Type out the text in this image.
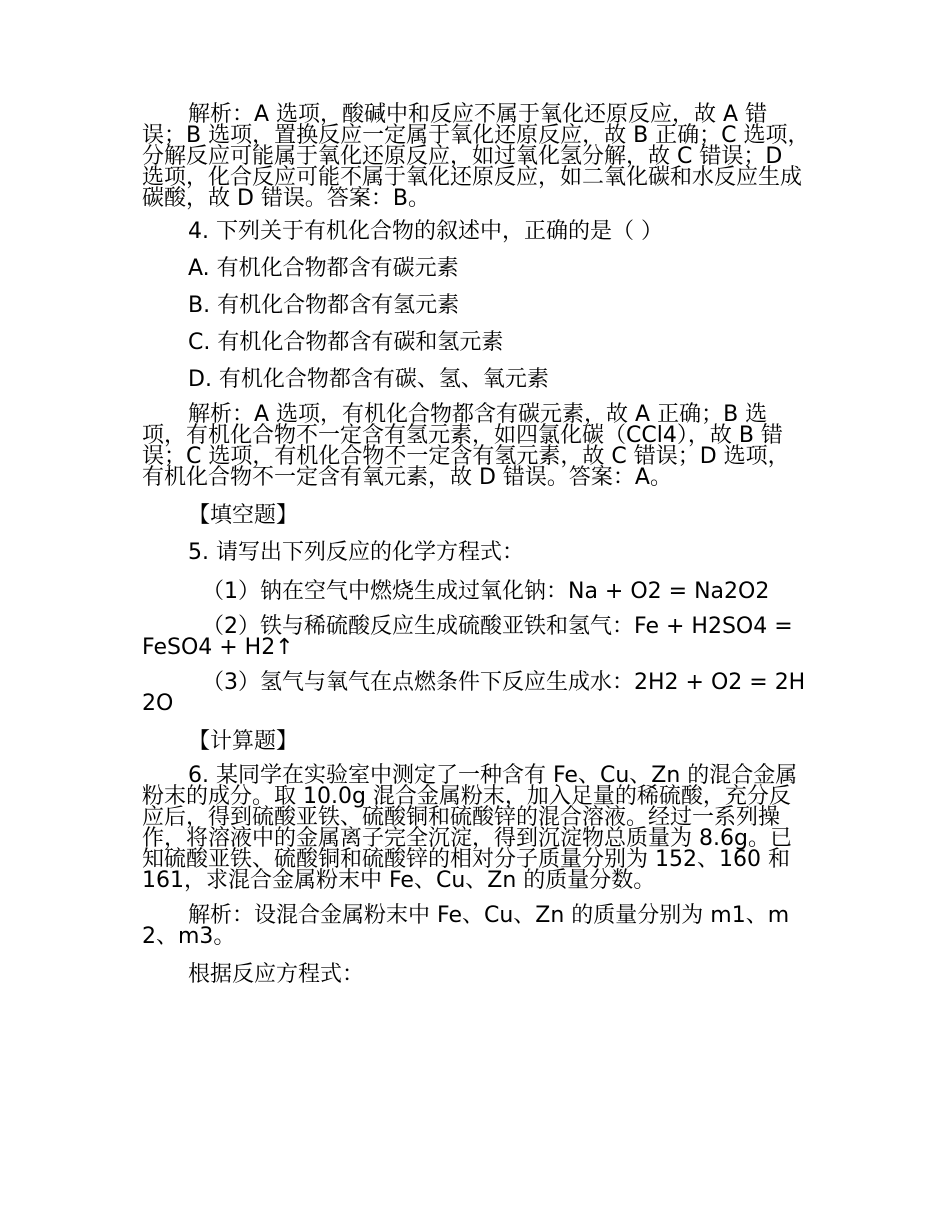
解析：A 选项，酸碱中和反应不属于氧化还原反应，故 A 错误；B 选项，置换反应一定属于氧化还原反应，故 B 正确；C 选项，分解反应可能属于氧化还原反应，如过氧化氢分解，故 C 错误；D 选项，化合反应可能不属于氧化还原反应，如二氧化碳和水反应生成碳酸，故 D 错误。答案：B。

4. 下列关于有机化合物的叙述中，正确的是（ ）

A. 有机化合物都含有碳元素

B. 有机化合物都含有氢元素

C. 有机化合物都含有碳和氢元素

D. 有机化合物都含有碳、氢、氧元素

解析：A 选项，有机化合物都含有碳元素，故 A 正确；B 选项，有机化合物不一定含有氢元素，如四氯化碳（CCl4），故 B 错误；C 选项，有机化合物不一定含有氢元素，故 C 错误；D 选项，有机化合物不一定含有氧元素，故 D 错误。答案：A。

【填空题】

5. 请写出下列反应的化学方程式：

（1）钠在空气中燃烧生成过氧化钠：Na + O2 = Na2O2

（2）铁与稀硫酸反应生成硫酸亚铁和氢气：Fe + H2SO4 = FeSO4 + H2↑

（3）氢气与氧气在点燃条件下反应生成水：2H2 + O2 = 2H2O

【计算题】

6. 某同学在实验室中测定了一种含有 Fe、Cu、Zn 的混合金属粉末的成分。取 10.0g 混合金属粉末，加入足量的稀硫酸，充分反应后，得到硫酸亚铁、硫酸铜和硫酸锌的混合溶液。经过一系列操作，将溶液中的金属离子完全沉淀，得到沉淀物总质量为 8.6g。已知硫酸亚铁、硫酸铜和硫酸锌的相对分子质量分别为 152、160 和 161，求混合金属粉末中 Fe、Cu、Zn 的质量分数。

解析：设混合金属粉末中 Fe、Cu、Zn 的质量分别为 m1、m2、m3。

根据反应方程式：
